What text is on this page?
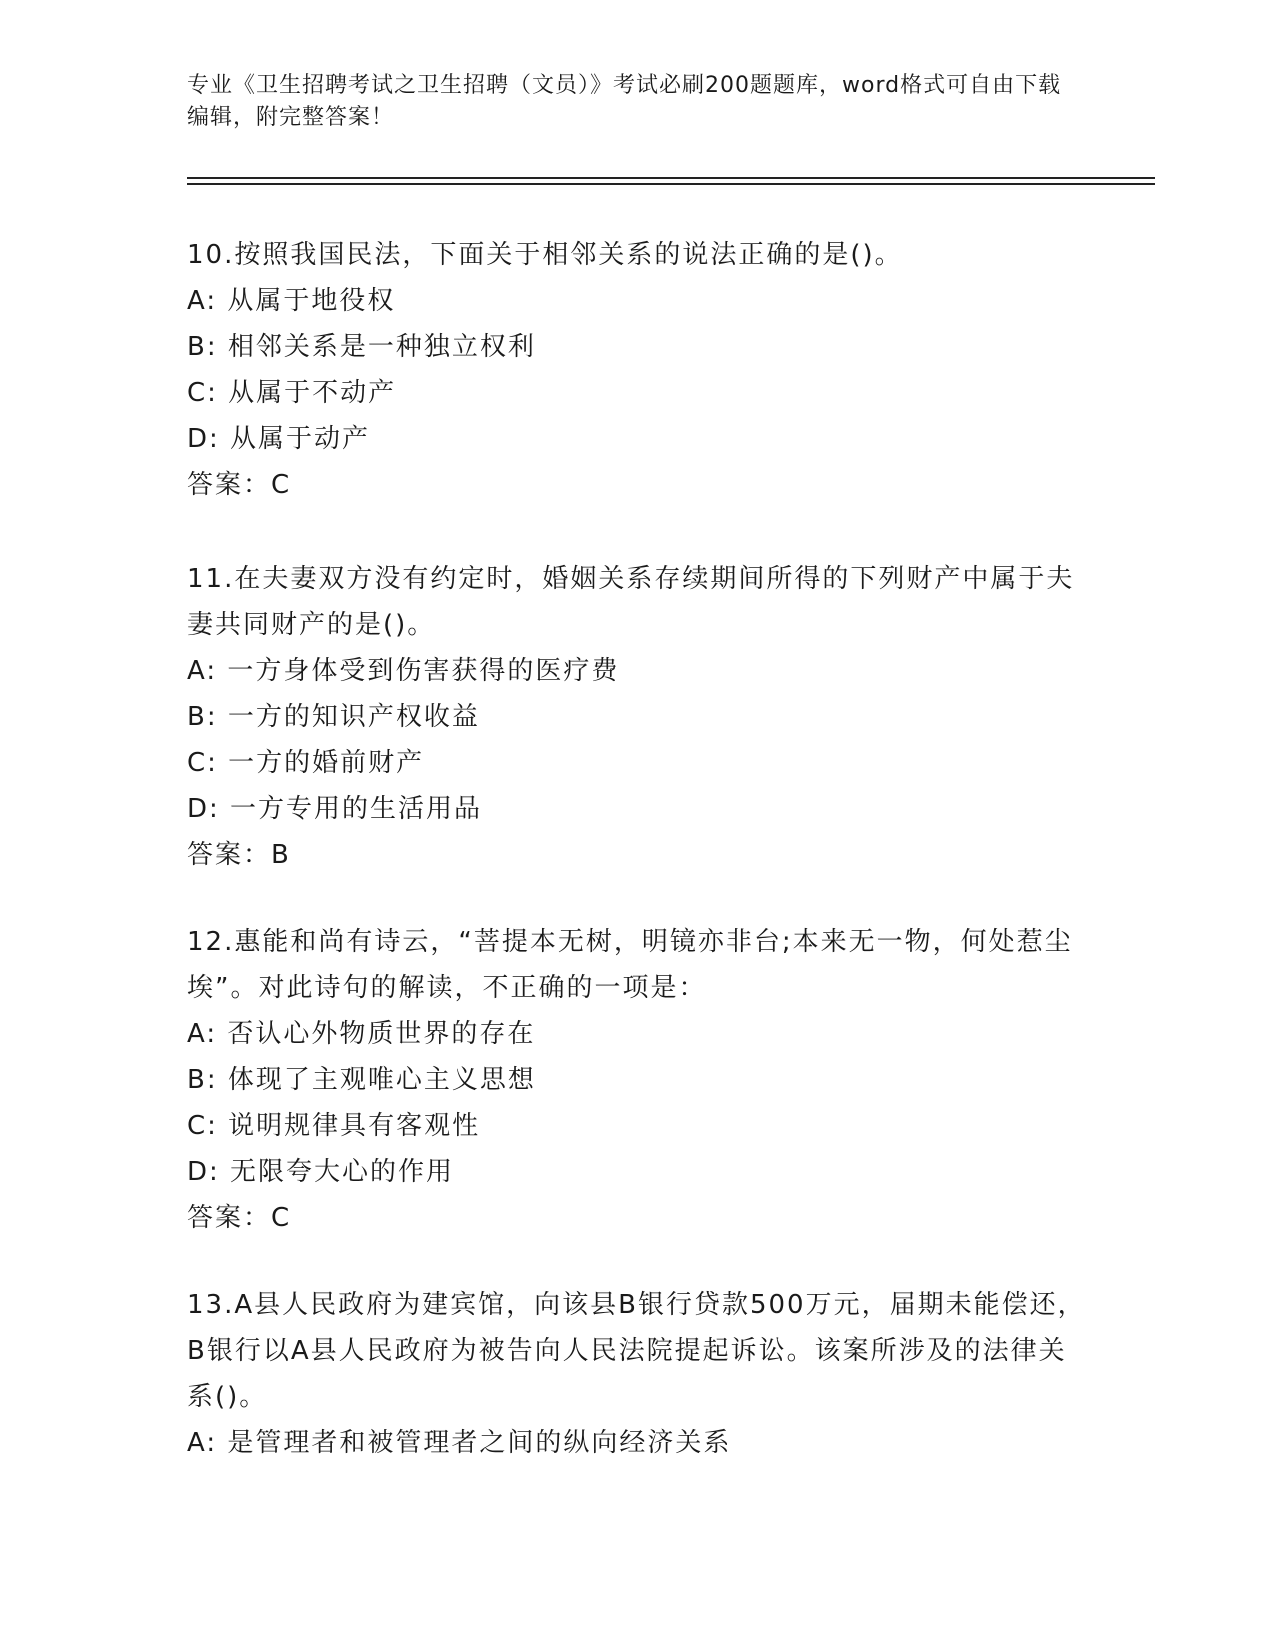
专业《卫生招聘考试之卫生招聘（文员）》考试必刷200题题库，word格式可自由下载编辑，附完整答案！

10.按照我国民法，下面关于相邻关系的说法正确的是()。

A: 从属于地役权

B: 相邻关系是一种独立权利

C: 从属于不动产

D: 从属于动产

答案：C

11.在夫妻双方没有约定时，婚姻关系存续期间所得的下列财产中属于夫妻共同财产的是()。

A: 一方身体受到伤害获得的医疗费

B: 一方的知识产权收益

C: 一方的婚前财产

D: 一方专用的生活用品

答案：B

12.惠能和尚有诗云，“菩提本无树，明镜亦非台;本来无一物，何处惹尘埃”。对此诗句的解读，不正确的一项是：

A: 否认心外物质世界的存在

B: 体现了主观唯心主义思想

C: 说明规律具有客观性

D: 无限夸大心的作用

答案：C

13.A县人民政府为建宾馆，向该县B银行贷款500万元，届期未能偿还，B银行以A县人民政府为被告向人民法院提起诉讼。该案所涉及的法律关系()。

A: 是管理者和被管理者之间的纵向经济关系
